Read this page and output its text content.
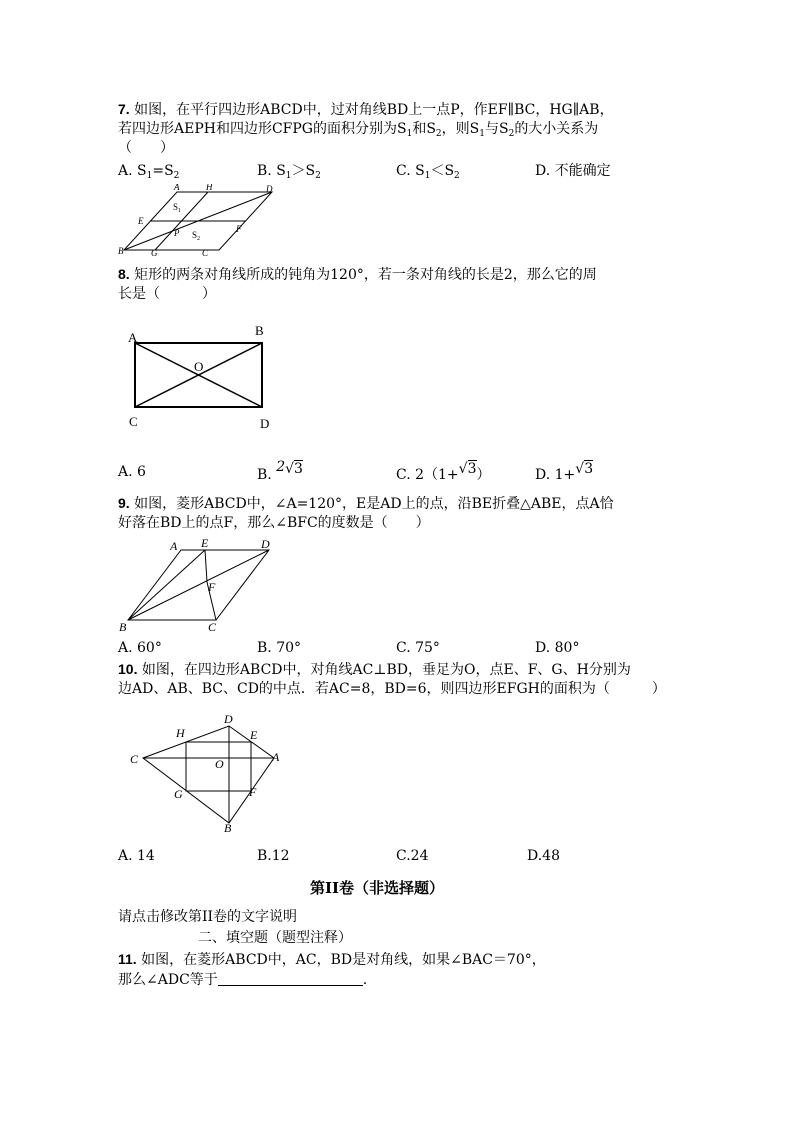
7. 如图，在平行四边形ABCD中，过对角线BD上一点P，作EF∥BC，HG∥AB，
若四边形AEPH和四边形CFPG的面积分别为$S_1$和$S_2$，则$S_1$与$S_2$的大小关系为
（　　）
A. $S_1=S_2$	B. $S_1>S_2$	C. $S_1<S_2$	D. 不能确定
A	H	D
E
$S_1$
P $S_2$
F
B	G	C
8. 矩形的两条对角线所成的钝角为120°，若一条对角线的长是2，那么它的周
长是（　　　）
A	B
O
C	D
A. 6	B. 2√3	C. 2（1+√3）	D. 1+√3
9. 如图，菱形ABCD中，∠A=120°，E是AD上的点，沿BE折叠△ABE，点A恰
好落在BD上的点F，那么∠BFC的度数是（　　）
A E	D
F
B	C
A. 60°	B. 70°	C. 75°	D. 80°
10. 如图，在四边形ABCD中，对角线AC⊥BD，垂足为O，点E、F、G、H分别为
边AD、AB、BC、CD的中点．若AC=8，BD=6，则四边形EFGH的面积为（　　　）
D
H	E
C	O	A
G	F
B
A. 14	B.12	C.24	D.48
第II卷（非选择题）
请点击修改第II卷的文字说明
二、填空题（题型注释）
11. 如图，在菱形ABCD中，AC，BD是对角线，如果∠BAC＝70°，
那么∠ADC等于	.
